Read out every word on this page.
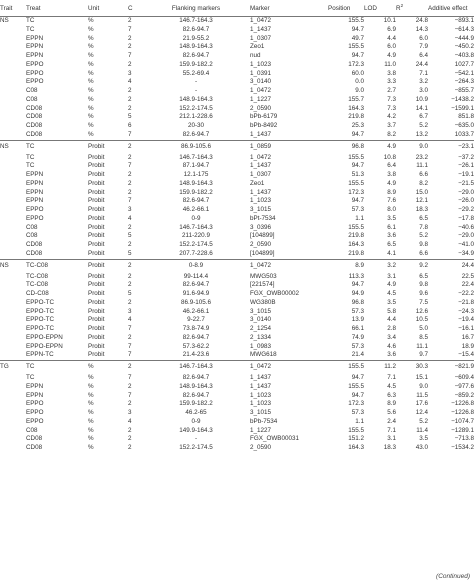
Trait	Treat	Unit	C	Flanking markers	Marker	Position	LOD	$R^2$	Additive effect
NS	TC	%	2	146.7-164.3	1_0472	155.5	10.1	24.8	−893.1
	TC	%	7	82.6-94.7	1_1437	94.7	6.9	14.3	−614.3
	EPPN	%	2	21.9-55.2	1_0307	49.7	4.4	6.0	−444.9
	EPPN	%	2	148.9-164.3	Zeo1	155.5	6.0	7.9	−450.2
	EPPN	%	7	82.6-94.7	nud	94.7	4.9	6.4	−403.8
	EPPO	%	2	159.9-182.2	1_1023	172.3	11.0	24.4	1027.7
	EPPO	%	3	55.2-69.4	1_0391	60.0	3.8	7.1	−542.1
	EPPO	%	4	-	3_0140	0.0	3.3	3.2	−264.3
	C08	%	2	-	1_0472	9.0	2.7	3.0	−855.7
	C08	%	2	148.9-164.3	1_1227	155.7	7.3	10.9	−1438.2
	CD08	%	2	152.2-174.5	2_0590	164.3	7.3	14.1	−1599.1
	CD08	%	5	212.1-228.6	bPb-6179	219.8	4.2	6.7	851.8
	CD08	%	6	20-30	bPb-8492	25.3	3.7	5.2	−635.0
	CD08	%	7	82.6-94.7	1_1437	94.7	8.2	13.2	1033.7
NS	TC	Probit	2	86.9-105.6	1_0859	96.8	4.9	9.0	−23.1
	TC	Probit	2	146.7-164.3	1_0472	155.5	10.8	23.2	−37.2
	TC	Probit	7	87.1-94.7	1_1437	94.7	6.4	11.1	−26.1
	EPPN	Probit	2	12.1-175	1_0307	51.3	3.8	6.6	−19.1
	EPPN	Probit	2	148.9-164.3	Zeo1	155.5	4.9	8.2	−21.5
	EPPN	Probit	2	159.9-182.2	1_1437	172.3	8.9	15.0	−29.0
	EPPN	Probit	7	82.6-94.7	1_1023	94.7	7.6	12.1	−26.0
	EPPO	Probit	3	46.2-66.1	3_1015	57.3	8.0	18.3	−29.2
	EPPO	Probit	4	0-9	bPt-7534	1.1	3.5	6.5	−17.8
	C08	Probit	2	146.7-164.3	3_0396	155.5	6.1	7.8	−40.6
	C08	Probit	5	211-220.9	[104899]	219.8	3.6	5.2	−29.0
	CD08	Probit	2	152.2-174.5	2_0590	164.3	6.5	9.8	−41.0
	CD08	Probit	5	207.7-228.6	[104899]	219.8	4.1	6.6	−34.9
NS	TC-C08	Probit	2	0-8.9	1_0472	8.9	3.2	9.2	24.4
	TC-C08	Probit	2	99-114.4	MWG503	113.3	3.1	6.5	22.5
	TC-C08	Probit	2	82.6-94.7	[221574]	94.7	4.9	9.8	22.4
	CD-C08	Probit	5	91.6-94.9	FGX_OWB00002	94.9	4.5	9.6	−22.2
	EPPO-TC	Probit	2	86.9-105.6	WG380B	96.8	3.5	7.5	−21.8
	EPPO-TC	Probit	3	46.2-66.1	3_1015	57.3	5.8	12.6	−24.3
	EPPO-TC	Probit	4	9-22.7	3_0140	13.9	4.4	10.5	−19.4
	EPPO-TC	Probit	7	73.8-74.9	2_1254	66.1	2.8	5.0	−16.1
	EPPO-EPPN	Probit	2	82.6-94.7	2_1334	74.9	3.4	8.5	16.7
	EPPO-EPPN	Probit	7	57.3-62.2	1_0983	57.3	4.6	11.1	18.9
	EPPN-TC	Probit	7	21.4-23.6	MWG618	21.4	3.6	9.7	−15.4
TG	TC	%	2	146.7-164.3	1_0472	155.5	11.2	30.3	−821.9
	TC	%	7	82.6-94.7	1_1437	94.7	7.1	15.1	−609.4
	EPPN	%	2	148.9-164.3	1_1437	155.5	4.5	9.0	−977.6
	EPPN	%	7	82.6-94.7	1_1023	94.7	6.3	11.5	−859.2
	EPPO	%	2	159.9-182.2	1_1023	172.3	8.9	17.6	−1226.8
	EPPO	%	3	46.2-65	3_1015	57.3	5.6	12.4	−1226.8
	EPPO	%	4	0-9	bPb-7534	1.1	2.4	5.2	−1074.7
	C08	%	2	149.9-164.3	1_1227	155.5	7.1	11.4	−1289.1
	CD08	%	2	-	FGX_OWB00031	151.2	3.1	3.5	−713.8
	CD08	%	2	152.2-174.5	2_0590	164.3	18.3	43.0	−1534.2
(Continued)
